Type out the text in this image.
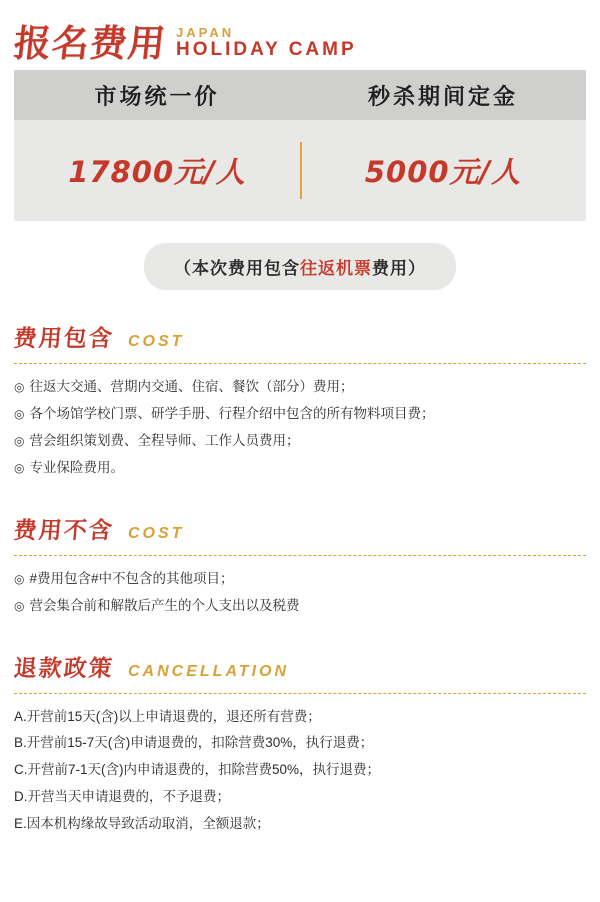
报名费用 JAPAN
HOLIDAY CAMP
市场统一价	秒杀期间定金
17800元/人	5000元/人
（本次费用包含往返机票费用）
费用包含 COST
◎ 往返大交通、营期内交通、住宿、餐饮（部分）费用；
◎ 各个场馆学校门票、研学手册、行程介绍中包含的所有物料项目费；
◎ 营会组织策划费、全程导师、工作人员费用；
◎ 专业保险费用。
费用不含 COST
◎ #费用包含#中不包含的其他项目；
◎ 营会集合前和解散后产生的个人支出以及税费
退款政策 CANCELLATION
A.开营前15天(含)以上申请退费的，退还所有营费；
B.开营前15-7天(含)申请退费的，扣除营费30%，执行退费；
C.开营前7-1天(含)内申请退费的，扣除营费50%，执行退费；
D.开营当天申请退费的，不予退费；
E.因本机构缘故导致活动取消，全额退款；
